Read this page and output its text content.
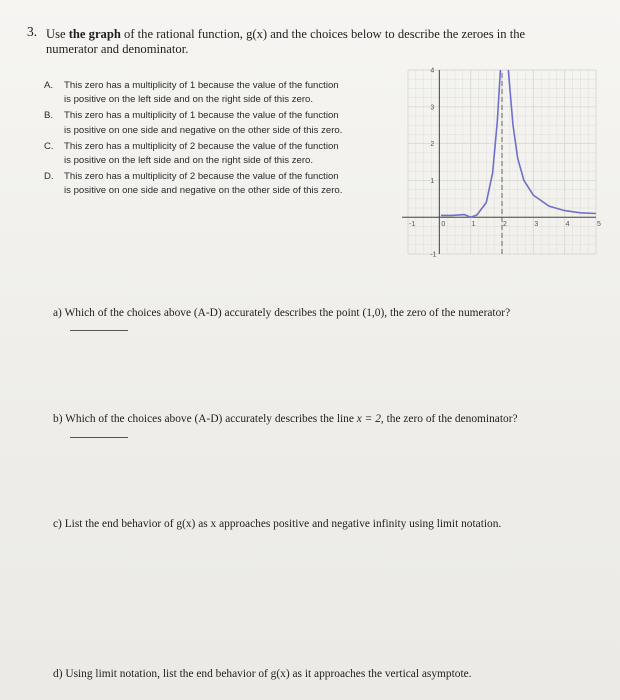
3. Use the graph of the rational function, g(x) and the choices below to describe the zeroes in the numerator and denominator.
A.	This zero has a multiplicity of 1 because the value of the function is positive on the left side and on the right side of this zero.
B.	This zero has a multiplicity of 1 because the value of the function is positive on one side and negative on the other side of this zero.
C.	This zero has a multiplicity of 2 because the value of the function is positive on the left side and on the right side of this zero.
D.	This zero has a multiplicity of 2 because the value of the function is positive on one side and negative on the other side of this zero.
-1	0	1	2	3	4	5
-1
1
2
3
4
a) Which of the choices above (A-D) accurately describes the point (1,0), the zero of the numerator?
b) Which of the choices above (A-D) accurately describes the line x = 2, the zero of the denominator?
c) List the end behavior of g(x) as x approaches positive and negative infinity using limit notation.
d) Using limit notation, list the end behavior of g(x) as it approaches the vertical asymptote.
